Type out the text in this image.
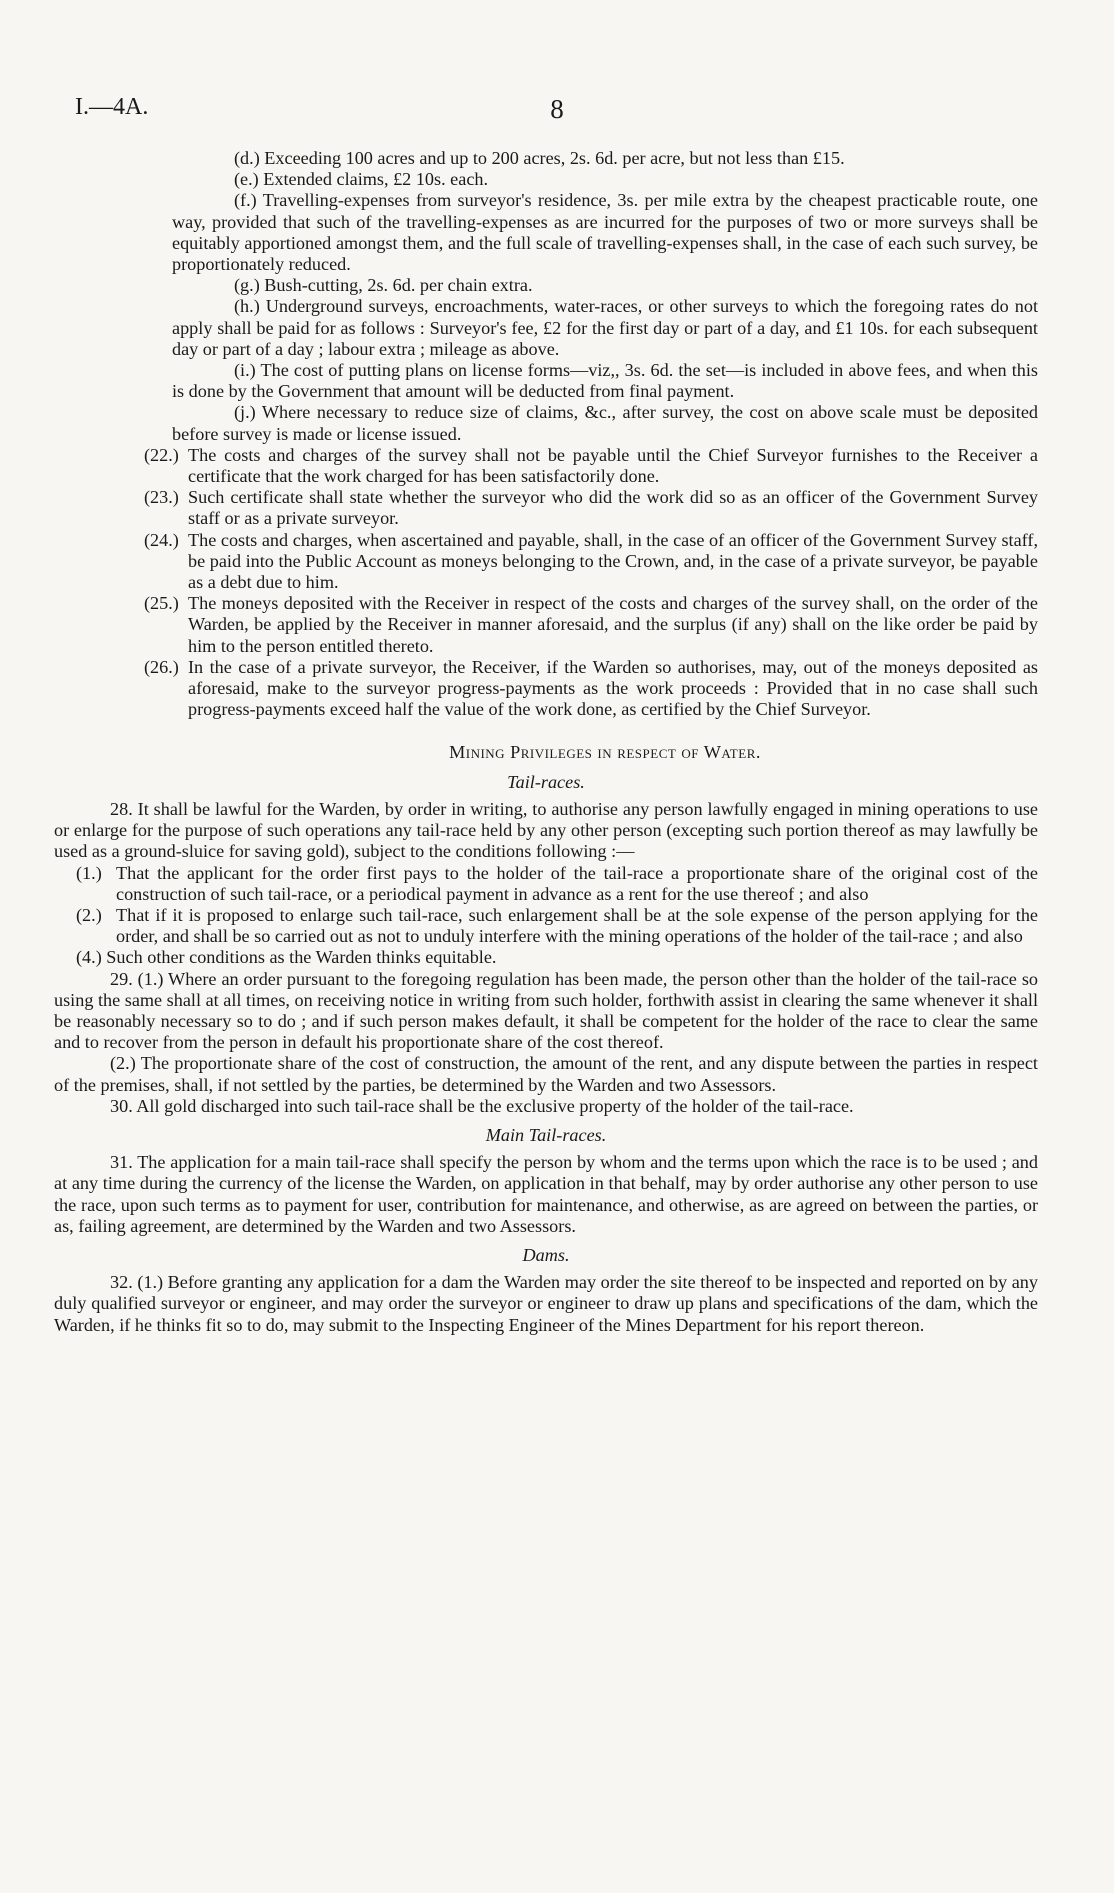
I.—4A.	8

(d.) Exceeding 100 acres and up to 200 acres, 2s. 6d. per acre, but not less than £15.

(e.) Extended claims, £2 10s. each.

(f.) Travelling-expenses from surveyor's residence, 3s. per mile extra by the cheapest practicable route, one way, provided that such of the travelling-expenses as are incurred for the purposes of two or more surveys shall be equitably apportioned amongst them, and the full scale of travelling-expenses shall, in the case of each such survey, be proportionately reduced.

(g.) Bush-cutting, 2s. 6d. per chain extra.

(h.) Underground surveys, encroachments, water-races, or other surveys to which the foregoing rates do not apply shall be paid for as follows : Surveyor's fee, £2 for the first day or part of a day, and £1 10s. for each subsequent day or part of a day ; labour extra ; mileage as above.

(i.) The cost of putting plans on license forms—viz,, 3s. 6d. the set—is included in above fees, and when this is done by the Government that amount will be deducted from final payment.

(j.) Where necessary to reduce size of claims, &c., after survey, the cost on above scale must be deposited before survey is made or license issued.

(22.) The costs and charges of the survey shall not be payable until the Chief Surveyor furnishes to the Receiver a certificate that the work charged for has been satisfactorily done.

(23.) Such certificate shall state whether the surveyor who did the work did so as an officer of the Government Survey staff or as a private surveyor.

(24.) The costs and charges, when ascertained and payable, shall, in the case of an officer of the Government Survey staff, be paid into the Public Account as moneys belonging to the Crown, and, in the case of a private surveyor, be payable as a debt due to him.

(25.) The moneys deposited with the Receiver in respect of the costs and charges of the survey shall, on the order of the Warden, be applied by the Receiver in manner aforesaid, and the surplus (if any) shall on the like order be paid by him to the person entitled thereto.

(26.) In the case of a private surveyor, the Receiver, if the Warden so authorises, may, out of the moneys deposited as aforesaid, make to the surveyor progress-payments as the work proceeds : Provided that in no case shall such progress-payments exceed half the value of the work done, as certified by the Chief Surveyor.

Mining Privileges in respect of Water.

Tail-races.

28. It shall be lawful for the Warden, by order in writing, to authorise any person lawfully engaged in mining operations to use or enlarge for the purpose of such operations any tail-race held by any other person (excepting such portion thereof as may lawfully be used as a ground-sluice for saving gold), subject to the conditions following :—

(1.) That the applicant for the order first pays to the holder of the tail-race a proportionate share of the original cost of the construction of such tail-race, or a periodical payment in advance as a rent for the use thereof ; and also

(2.) That if it is proposed to enlarge such tail-race, such enlargement shall be at the sole expense of the person applying for the order, and shall be so carried out as not to unduly interfere with the mining operations of the holder of the tail-race ; and also

(4.) Such other conditions as the Warden thinks equitable.

29. (1.) Where an order pursuant to the foregoing regulation has been made, the person other than the holder of the tail-race so using the same shall at all times, on receiving notice in writing from such holder, forthwith assist in clearing the same whenever it shall be reasonably necessary so to do ; and if such person makes default, it shall be competent for the holder of the race to clear the same and to recover from the person in default his proportionate share of the cost thereof.

(2.) The proportionate share of the cost of construction, the amount of the rent, and any dispute between the parties in respect of the premises, shall, if not settled by the parties, be determined by the Warden and two Assessors.

30. All gold discharged into such tail-race shall be the exclusive property of the holder of the tail-race.

Main Tail-races.

31. The application for a main tail-race shall specify the person by whom and the terms upon which the race is to be used ; and at any time during the currency of the license the Warden, on application in that behalf, may by order authorise any other person to use the race, upon such terms as to payment for user, contribution for maintenance, and otherwise, as are agreed on between the parties, or as, failing agreement, are determined by the Warden and two Assessors.

Dams.

32. (1.) Before granting any application for a dam the Warden may order the site thereof to be inspected and reported on by any duly qualified surveyor or engineer, and may order the surveyor or engineer to draw up plans and specifications of the dam, which the Warden, if he thinks fit so to do, may submit to the Inspecting Engineer of the Mines Department for his report thereon.
